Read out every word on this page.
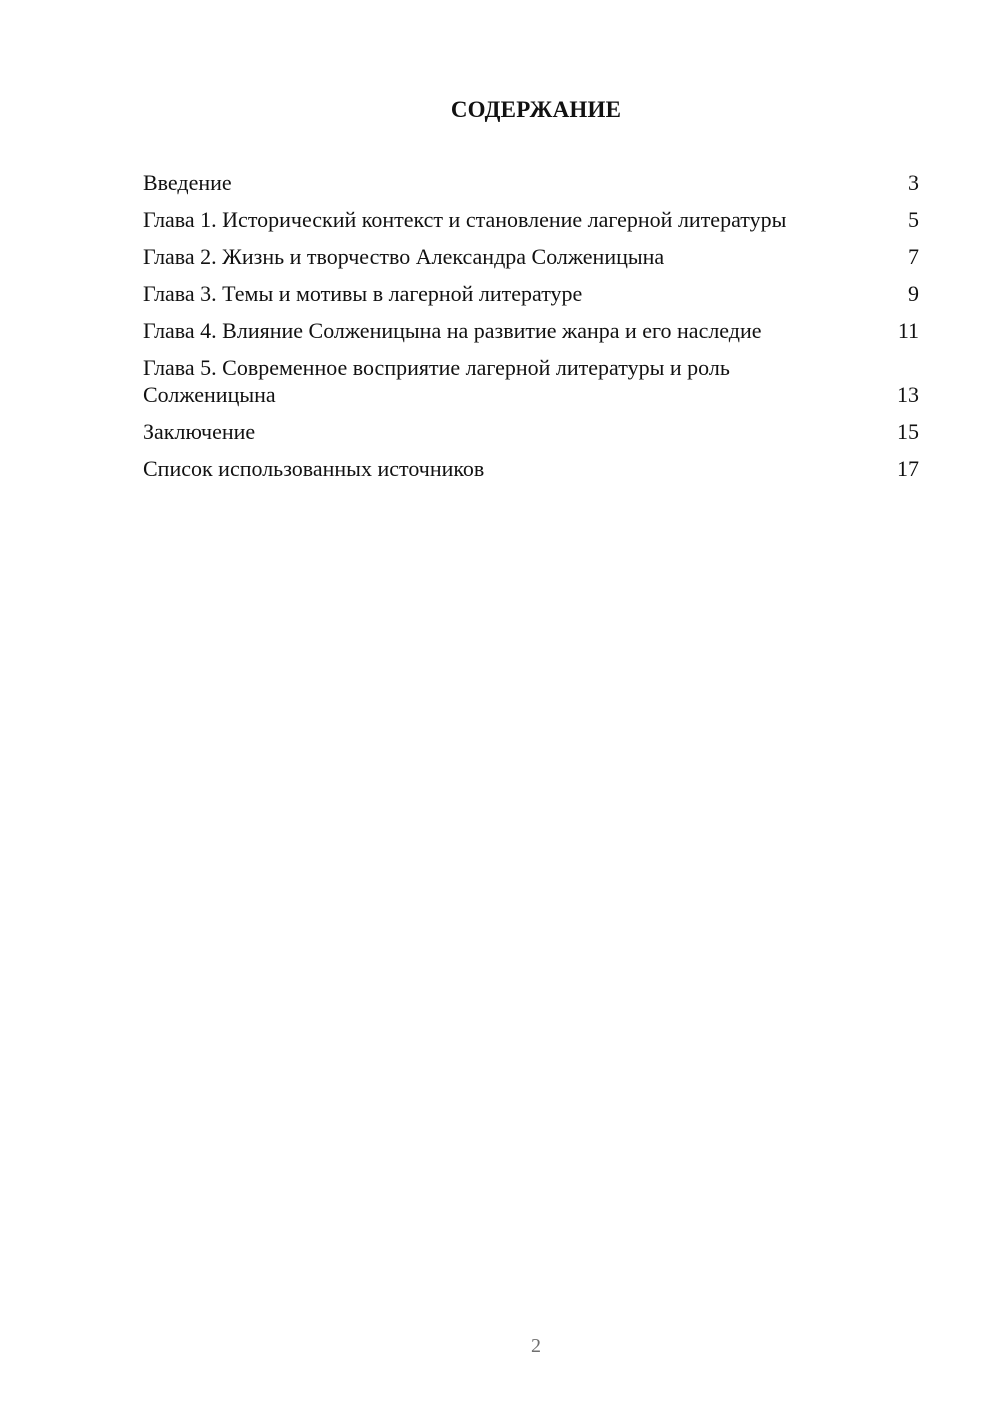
СОДЕРЖАНИЕ
Введение	3
Глава 1. Исторический контекст и становление лагерной литературы	5
Глава 2. Жизнь и творчество Александра Солженицына	7
Глава 3. Темы и мотивы в лагерной литературе	9
Глава 4. Влияние Солженицына на развитие жанра и его наследие	11
Глава 5. Современное восприятие лагерной литературы и роль Солженицына	13
Заключение	15
Список использованных источников	17
2
